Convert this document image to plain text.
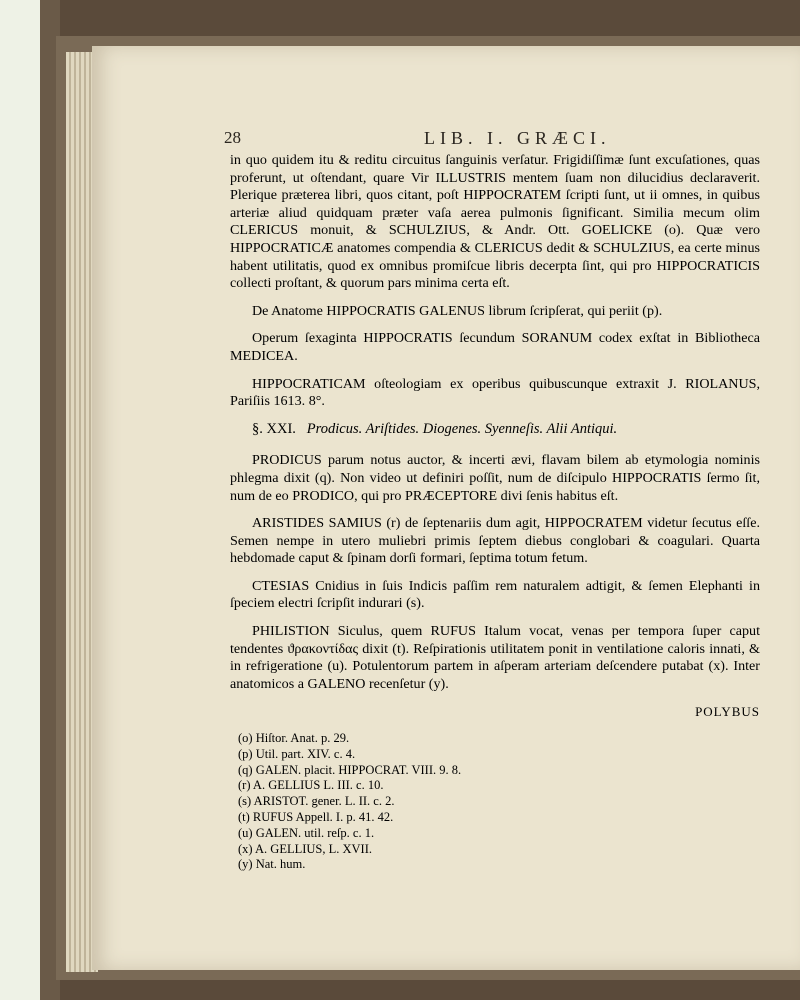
28	LIB. I. GRÆCI.

in quo quidem itu & reditu circuitus ſanguinis verſatur. Frigidiſſimæ ſunt excuſationes, quas proferunt, ut oſtendant, quare Vir ILLUSTRIS mentem ſuam non dilucidius declaraverit. Plerique præterea libri, quos citant, poſt HIPPOCRATEM ſcripti ſunt, ut ii omnes, in quibus arteriæ aliud quidquam præter vaſa aerea pulmonis ſignificant. Similia mecum olim CLERICUS monuit, & SCHULZIUS, & Andr. Ott. GOELICKE (o). Quæ vero HIPPOCRATICÆ anatomes compendia & CLERICUS dedit & SCHULZIUS, ea certe minus habent utilitatis, quod ex omnibus promiſcue libris decerpta ſint, qui pro HIPPOCRATICIS collecti proſtant, & quorum pars minima certa eſt.

De Anatome HIPPOCRATIS GALENUS librum ſcripſerat, qui periit (p).

Operum ſexaginta HIPPOCRATIS ſecundum SORANUM codex exſtat in Bibliotheca MEDICEA.

HIPPOCRATICAM oſteologiam ex operibus quibuscunque extraxit J. RIOLANUS, Pariſiis 1613. 8°.

§. XXI. Prodicus. Ariſtides. Diogenes. Syenneſis. Alii Antiqui.

PRODICUS parum notus auctor, & incerti ævi, flavam bilem ab etymologia nominis phlegma dixit (q). Non video ut definiri poſſit, num de diſcipulo HIPPOCRATIS ſermo ſit, num de eo PRODICO, qui pro PRÆCEPTORE divi ſenis habitus eſt.

ARISTIDES SAMIUS (r) de ſeptenariis dum agit, HIPPOCRATEM videtur ſecutus eſſe. Semen nempe in utero muliebri primis ſeptem diebus conglobari & coagulari. Quarta hebdomade caput & ſpinam dorſi formari, ſeptima totum fetum.

CTESIAS Cnidius in ſuis Indicis paſſim rem naturalem adtigit, & ſemen Elephanti in ſpeciem electri ſcripſit indurari (s).

PHILISTION Siculus, quem RUFUS Italum vocat, venas per tempora ſuper caput tendentes ϑρακοντίδας dixit (t). Reſpirationis utilitatem ponit in ventilatione caloris innati, & in refrigeratione (u). Potulentorum partem in aſperam arteriam deſcendere putabat (x). Inter anatomicos a GALENO recenſetur (y).

POLYBUS

(o) Hiſtor. Anat. p. 29.
(p) Util. part. XIV. c. 4.
(q) GALEN. placit. HIPPOCRAT. VIII. 9. 8.
(r) A. GELLIUS L. III. c. 10.
(s) ARISTOT. gener. L. II. c. 2.
(t) RUFUS Appell. I. p. 41. 42.
(u) GALEN. util. reſp. c. 1.
(x) A. GELLIUS, L. XVII.
(y) Nat. hum.
